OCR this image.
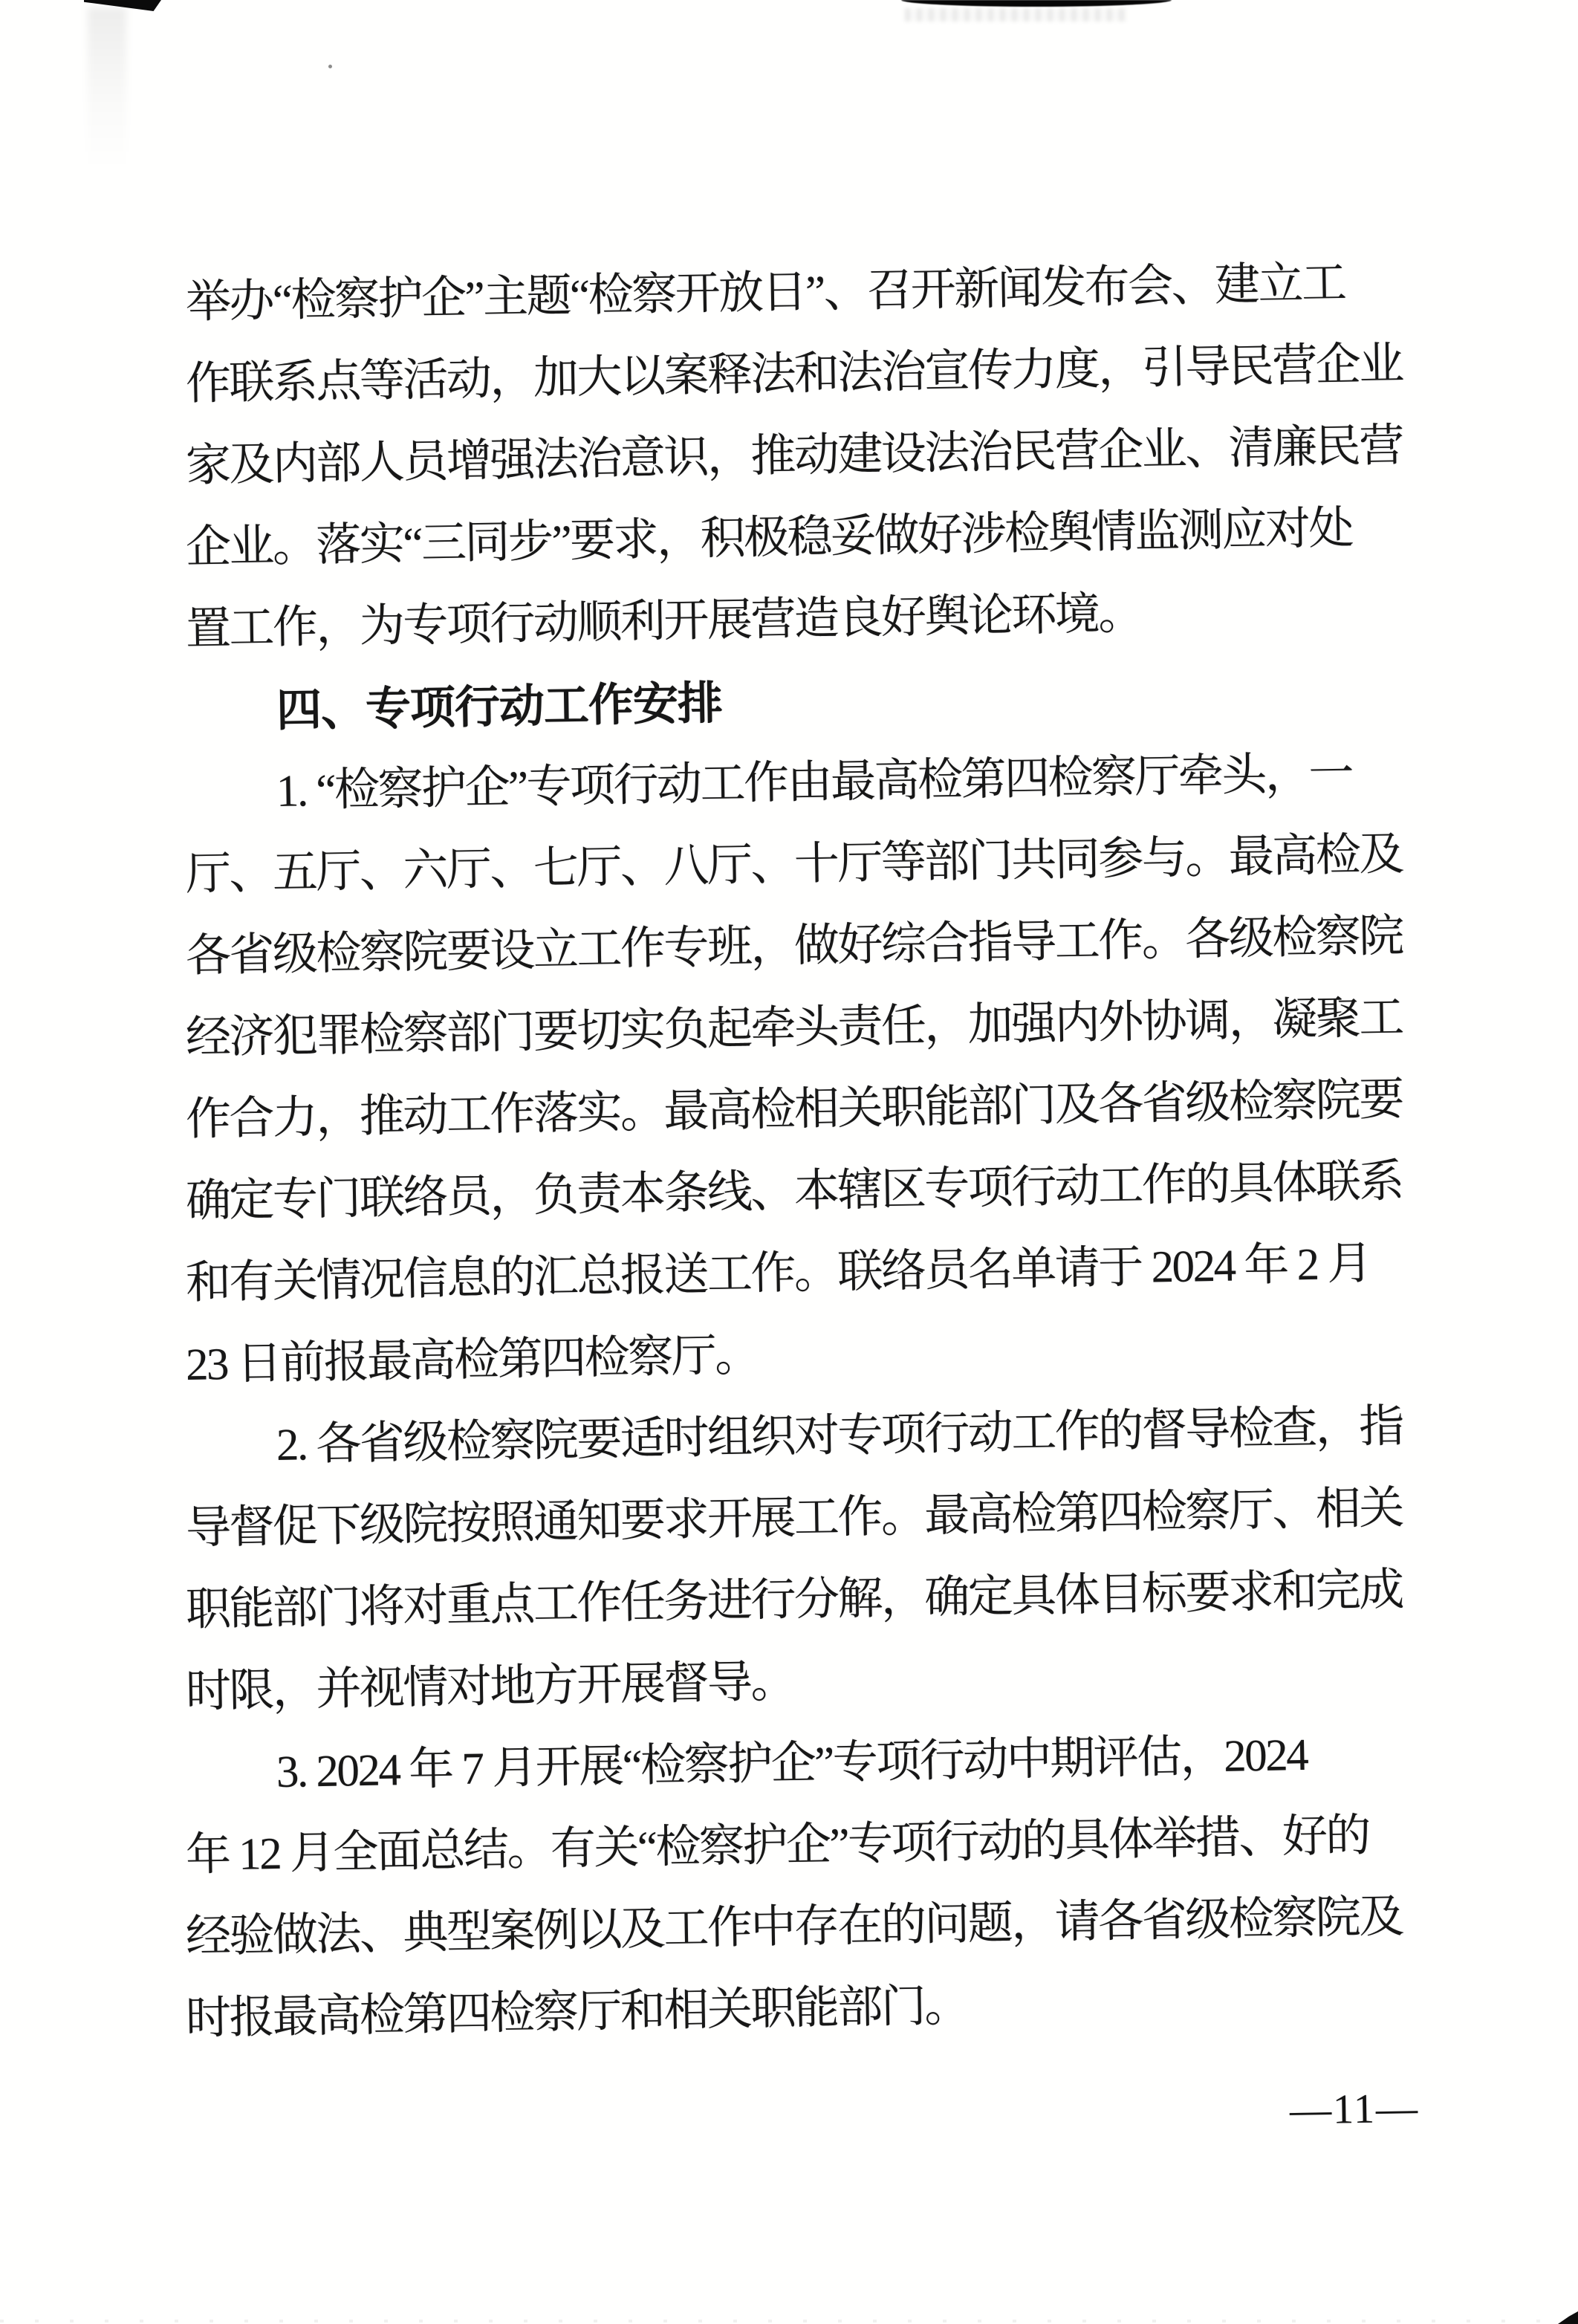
举办“检察护企”主题“检察开放日”、召开新闻发布会、建立工
作联系点等活动，加大以案释法和法治宣传力度，引导民营企业
家及内部人员增强法治意识，推动建设法治民营企业、清廉民营
企业。落实“三同步”要求，积极稳妥做好涉检舆情监测应对处
置工作，为专项行动顺利开展营造良好舆论环境。
四、专项行动工作安排
1. “检察护企”专项行动工作由最高检第四检察厅牵头，一
厅、五厅、六厅、七厅、八厅、十厅等部门共同参与。最高检及
各省级检察院要设立工作专班，做好综合指导工作。各级检察院
经济犯罪检察部门要切实负起牵头责任，加强内外协调，凝聚工
作合力，推动工作落实。最高检相关职能部门及各省级检察院要
确定专门联络员，负责本条线、本辖区专项行动工作的具体联系
和有关情况信息的汇总报送工作。联络员名单请于 2024 年 2 月
23 日前报最高检第四检察厅。
2. 各省级检察院要适时组织对专项行动工作的督导检查，指
导督促下级院按照通知要求开展工作。最高检第四检察厅、相关
职能部门将对重点工作任务进行分解，确定具体目标要求和完成
时限，并视情对地方开展督导。
3. 2024 年 7 月开展“检察护企”专项行动中期评估，2024
年 12 月全面总结。有关“检察护企”专项行动的具体举措、好的
经验做法、典型案例以及工作中存在的问题，请各省级检察院及
时报最高检第四检察厅和相关职能部门。
—11—
